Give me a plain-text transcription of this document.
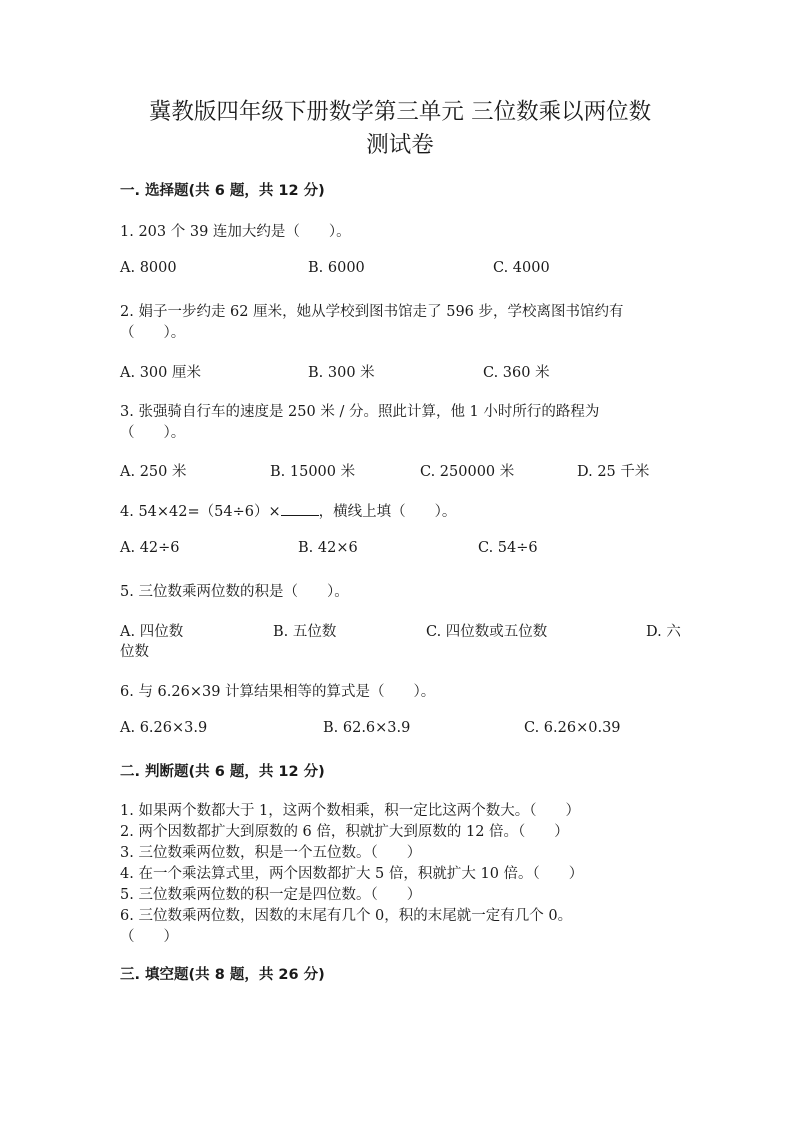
冀教版四年级下册数学第三单元 三位数乘以两位数
测试卷
一. 选择题(共 6 题，共 12 分)
1. 203 个 39 连加大约是（　　）。
A. 8000	B. 6000	C. 4000
2. 娟子一步约走 62 厘米，她从学校到图书馆走了 596 步，学校离图书馆约有
（　　）。
A. 300 厘米	B. 300 米	C. 360 米
3. 张强骑自行车的速度是 250 米 / 分。照此计算，他 1 小时所行的路程为
（　　）。
A. 250 米	B. 15000 米	C. 250000 米	D. 25 千米
4. 54×42=（54÷6）×	，横线上填（　　）。
A. 42÷6	B. 42×6	C. 54÷6
5. 三位数乘两位数的积是（　　）。
A. 四位数	B. 五位数	C. 四位数或五位数	D. 六
位数
6. 与 6.26×39 计算结果相等的算式是（　　）。
A. 6.26×3.9	B. 62.6×3.9	C. 6.26×0.39
二. 判断题(共 6 题，共 12 分)
1. 如果两个数都大于 1，这两个数相乘，积一定比这两个数大。（　　）
2. 两个因数都扩大到原数的 6 倍，积就扩大到原数的 12 倍。（　　）
3. 三位数乘两位数，积是一个五位数。（　　）
4. 在一个乘法算式里，两个因数都扩大 5 倍，积就扩大 10 倍。（　　）
5. 三位数乘两位数的积一定是四位数。（　　）
6. 三位数乘两位数，因数的末尾有几个 0，积的末尾就一定有几个 0。
（　　）
三. 填空题(共 8 题，共 26 分)
